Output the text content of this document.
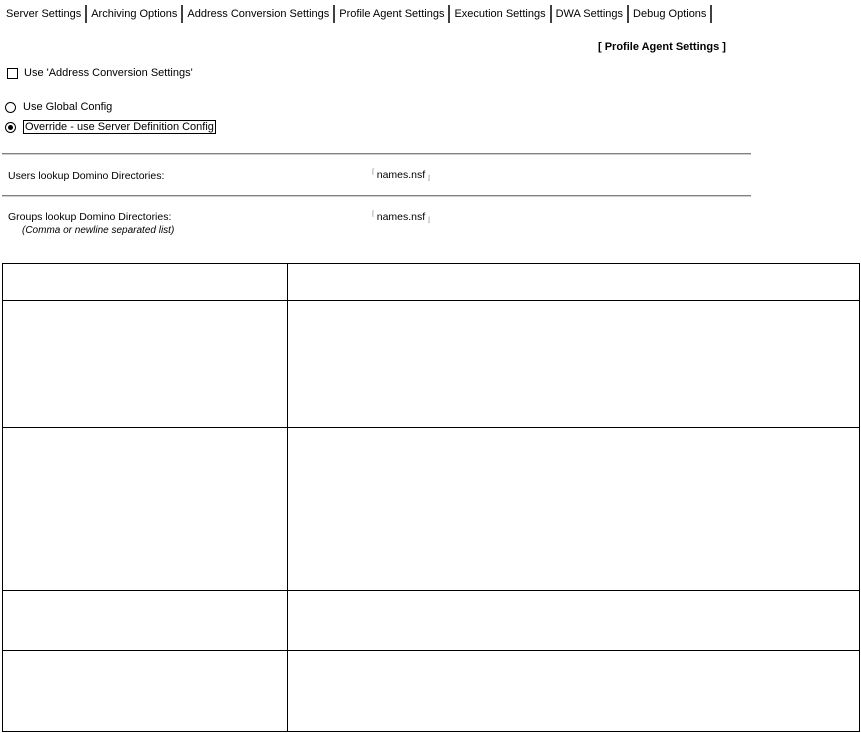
Server Settings Archiving Options Address Conversion Settings Profile Agent Settings Execution Settings DWA Settings Debug Options
[ Profile Agent Settings ]
Use 'Address Conversion Settings'
Use Global Config
Override - use Server Definition Config
Users lookup Domino Directories:	⌈ names.nsf ⌋
Groups lookup Domino Directories:
(Comma or newline separated list)
⌈ names.nsf ⌋
